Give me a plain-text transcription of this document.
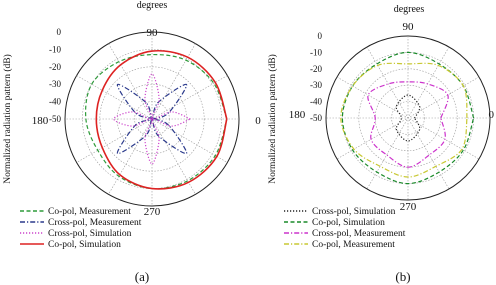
degrees
90
180	0
270
Normalized radiation pattern (dB)
0
-10
-20
-30
-40
-50
Co-pol, Measurement
Cross-pol, Measurement
Cross-pol, Simulation
Co-pol, Simulation
(a)
degrees
90
180	0
270
Normalized radiation pattern (dB)
0
-10
-20
-30
-40
-50
Cross-pol, Simulation
Co-pol, Simulation
Cross-pol, Measurement
Co-pol, Measurement
(b)
